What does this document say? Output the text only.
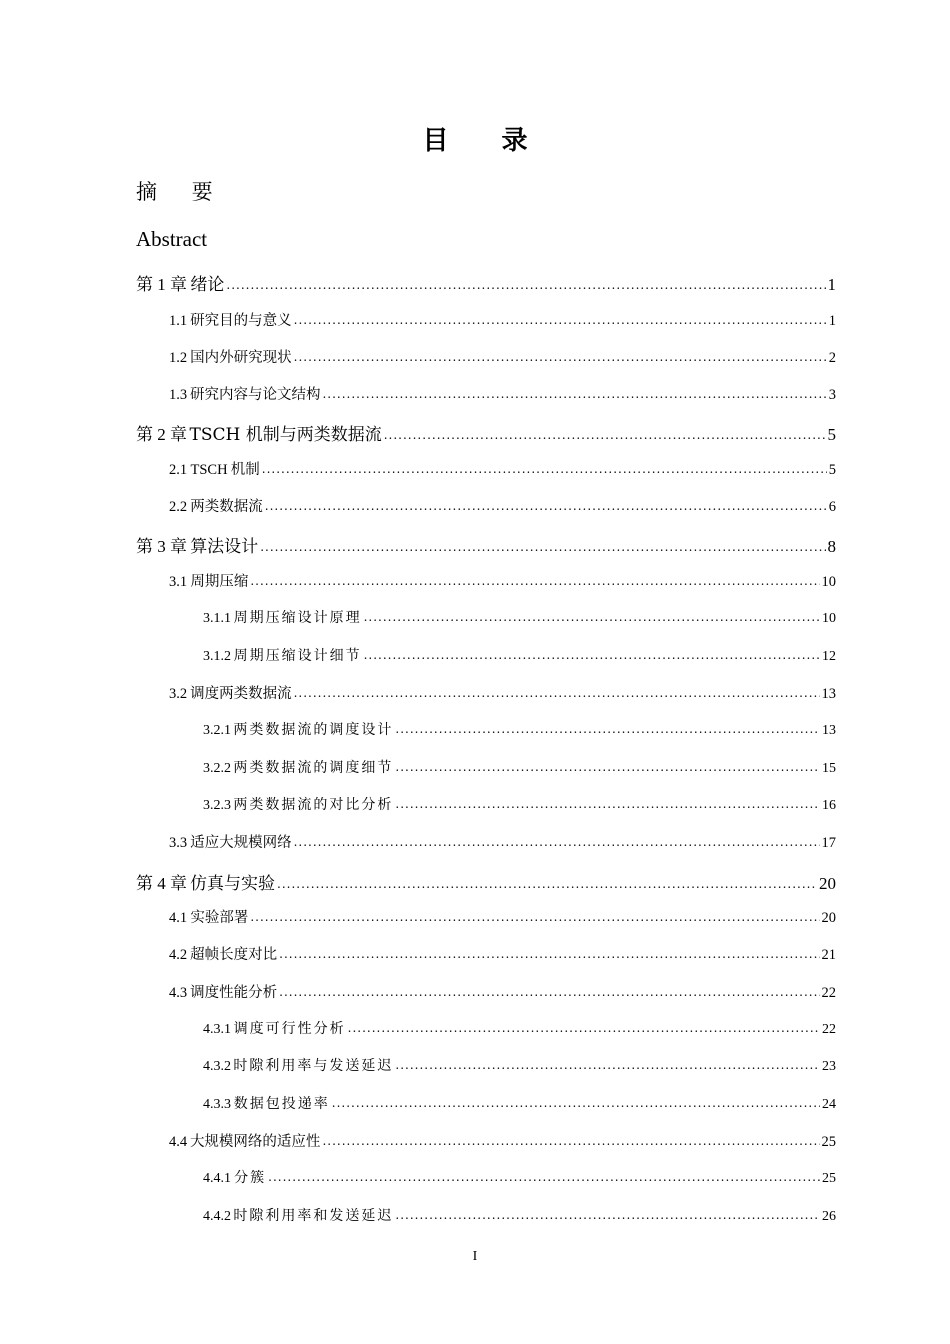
目 录
摘 要
Abstract
第 1 章 绪论 .....	1
1.1 研究目的与意义 .....	1
1.2 国内外研究现状 .....	2
1.3 研究内容与论文结构 .....	3
第 2 章 TSCH 机制与两类数据流 .....	5
2.1 TSCH 机制 .....	5
2.2 两类数据流 .....	6
第 3 章 算法设计 .....	8
3.1 周期压缩 .....	10
3.1.1 周期压缩设计原理 .....	10
3.1.2 周期压缩设计细节 .....	12
3.2 调度两类数据流 .....	13
3.2.1 两类数据流的调度设计 .....	13
3.2.2 两类数据流的调度细节 .....	15
3.2.3 两类数据流的对比分析 .....	16
3.3 适应大规模网络 .....	17
第 4 章 仿真与实验 .....	20
4.1 实验部署 .....	20
4.2 超帧长度对比 .....	21
4.3 调度性能分析 .....	22
4.3.1 调度可行性分析 .....	22
4.3.2 时隙利用率与发送延迟 .....	23
4.3.3 数据包投递率 .....	24
4.4 大规模网络的适应性 .....	25
4.4.1 分簇 .....	25
4.4.2 时隙利用率和发送延迟 .....	26
I
